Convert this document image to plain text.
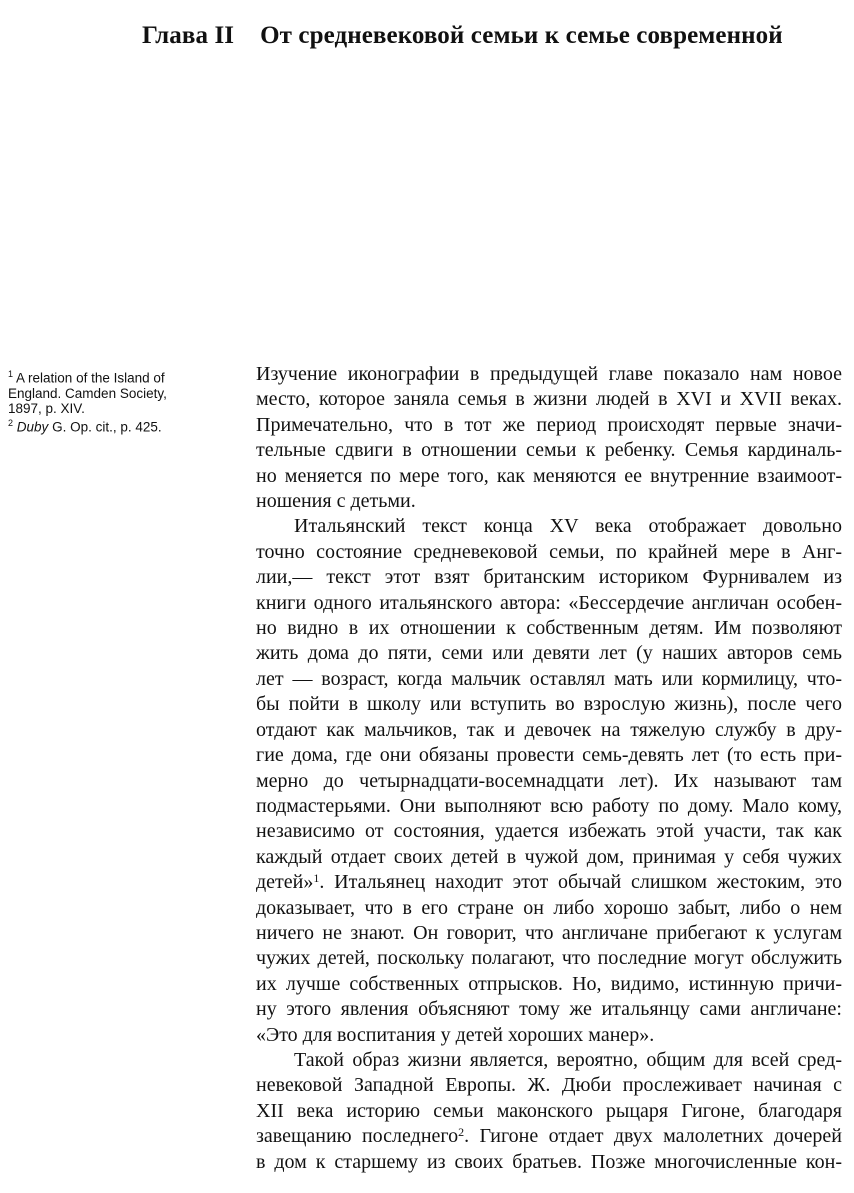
Глава II От средневековой семьи к семье современной
$^1$ A relation of the Island of
England. Camden Society,
1897, p. XIV.
$^2$ Duby G. Op. cit., p. 425.

Изучение иконографии в предыдущей главе показало нам новое
место, которое заняла семья в жизни людей в XVI и XVII веках.
Примечательно, что в тот же период происходят первые значи-
тельные сдвиги в отношении семьи к ребенку. Семья кардиналь-
но меняется по мере того, как меняются ее внутренние взаимоот-
ношения с детьми.

Итальянский текст конца XV века отображает довольно
точно состояние средневековой семьи, по крайней мере в Анг-
лии,— текст этот взят британским историком Фурнивалем из
книги одного итальянского автора: «Бессердечие англичан особен-
но видно в их отношении к собственным детям. Им позволяют
жить дома до пяти, семи или девяти лет (у наших авторов семь
лет — возраст, когда мальчик оставлял мать или кормилицу, что-
бы пойти в школу или вступить во взрослую жизнь), после чего
отдают как мальчиков, так и девочек на тяжелую службу в дру-
гие дома, где они обязаны провести семь-девять лет (то есть при-
мерно до четырнадцати-восемнадцати лет). Их называют там
подмастерьями. Они выполняют всю работу по дому. Мало кому,
независимо от состояния, удается избежать этой участи, так как
каждый отдает своих детей в чужой дом, принимая у себя чужих
детей»$^1$. Итальянец находит этот обычай слишком жестоким, это
доказывает, что в его стране он либо хорошо забыт, либо о нем
ничего не знают. Он говорит, что англичане прибегают к услугам
чужих детей, поскольку полагают, что последние могут обслужить
их лучше собственных отпрысков. Но, видимо, истинную причи-
ну этого явления объясняют тому же итальянцу сами англичане:
«Это для воспитания у детей хороших манер».

Такой образ жизни является, вероятно, общим для всей сред-
невековой Западной Европы. Ж. Дюби прослеживает начиная с
XII века историю семьи маконского рыцаря Гигоне, благодаря
завещанию последнего$^2$. Гигоне отдает двух малолетних дочерей
в дом к старшему из своих братьев. Позже многочисленные кон-
